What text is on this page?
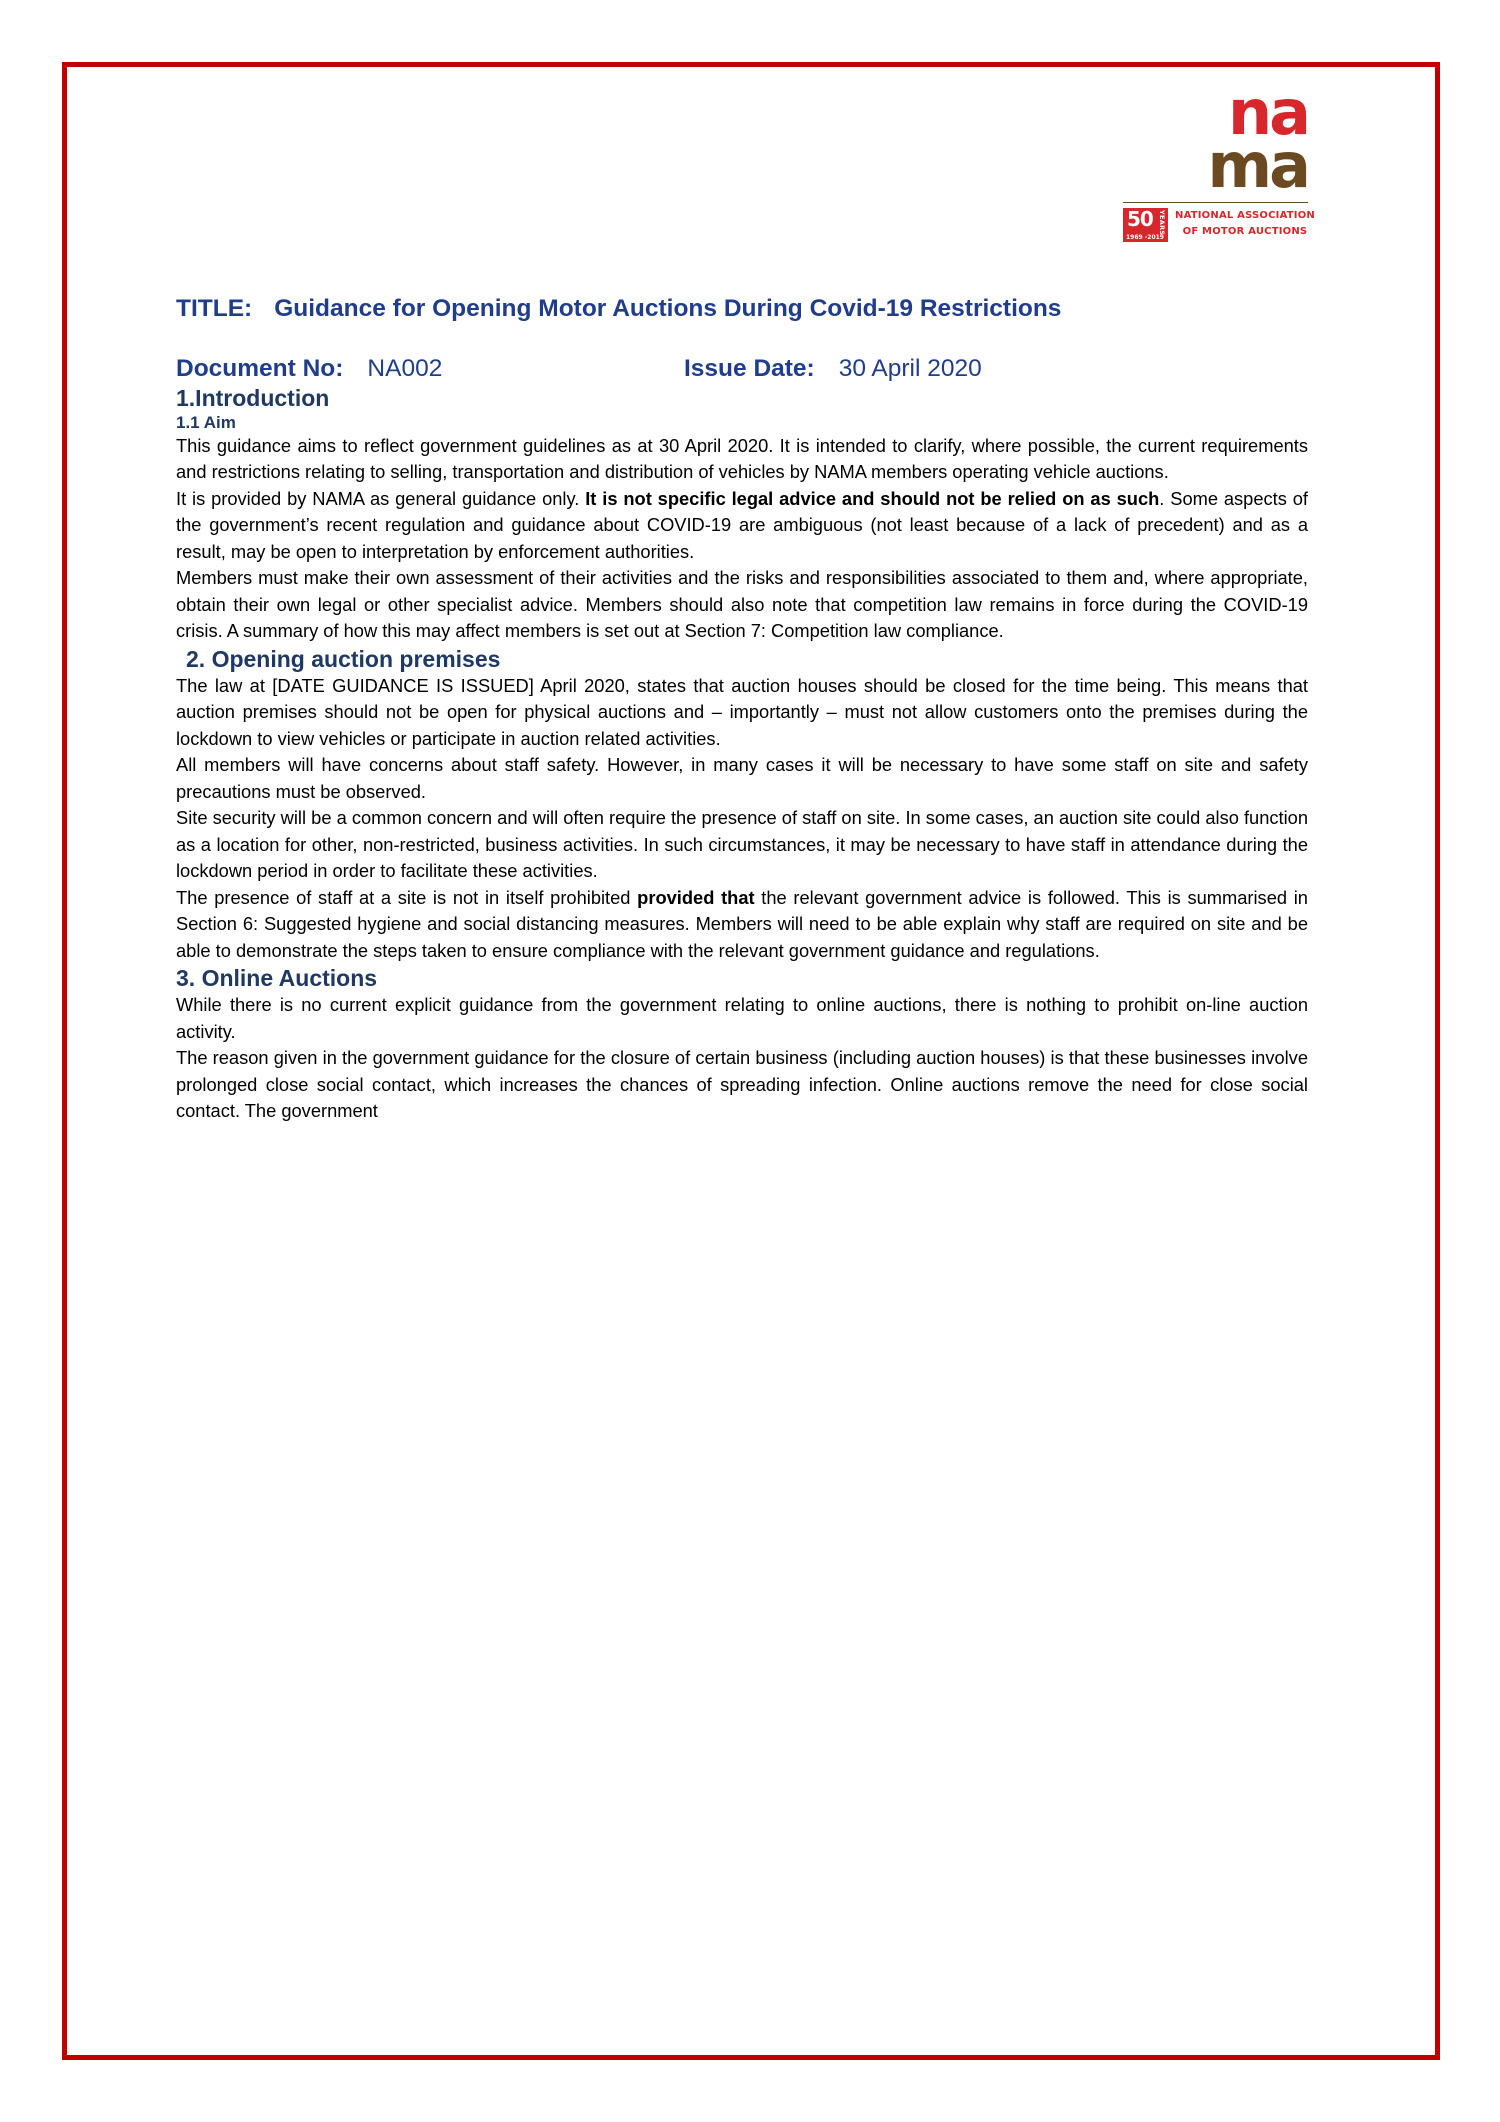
na
ma
50 YEARS
1969 -2019
NATIONAL ASSOCIATION
OF MOTOR AUCTIONS
TITLE: Guidance for Opening Motor Auctions During Covid-19 Restrictions
Document No: NA002	Issue Date: 30 April 2020
1.Introduction
1.1 Aim

This guidance aims to reflect government guidelines as at 30 April 2020. It is intended to clarify, where possible, the current requirements and restrictions relating to selling, transportation and distribution of vehicles by NAMA members operating vehicle auctions.

It is provided by NAMA as general guidance only. It is not specific legal advice and should not be relied on as such. Some aspects of the government’s recent regulation and guidance about COVID-19 are ambiguous (not least because of a lack of precedent) and as a result, may be open to interpretation by enforcement authorities.

Members must make their own assessment of their activities and the risks and responsibilities associated to them and, where appropriate, obtain their own legal or other specialist advice. Members should also note that competition law remains in force during the COVID-19 crisis. A summary of how this may affect members is set out at Section 7: Competition law compliance.

2. Opening auction premises

The law at [DATE GUIDANCE IS ISSUED] April 2020, states that auction houses should be closed for the time being. This means that auction premises should not be open for physical auctions and – importantly – must not allow customers onto the premises during the lockdown to view vehicles or participate in auction related activities.

All members will have concerns about staff safety. However, in many cases it will be necessary to have some staff on site and safety precautions must be observed.

Site security will be a common concern and will often require the presence of staff on site. In some cases, an auction site could also function as a location for other, non-restricted, business activities. In such circumstances, it may be necessary to have staff in attendance during the lockdown period in order to facilitate these activities.

The presence of staff at a site is not in itself prohibited provided that the relevant government advice is followed. This is summarised in Section 6: Suggested hygiene and social distancing measures. Members will need to be able explain why staff are required on site and be able to demonstrate the steps taken to ensure compliance with the relevant government guidance and regulations.

3. Online Auctions

While there is no current explicit guidance from the government relating to online auctions, there is nothing to prohibit on-line auction activity.

The reason given in the government guidance for the closure of certain business (including auction houses) is that these businesses involve prolonged close social contact, which increases the chances of spreading infection. Online auctions remove the need for close social contact. The government
